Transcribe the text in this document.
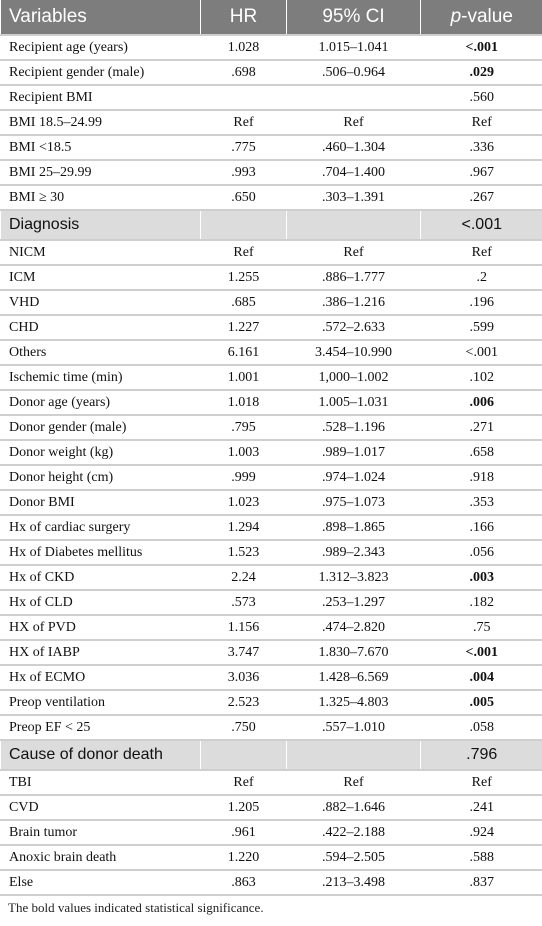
Variables	HR	95% CI	p-value
Recipient age (years)	1.028	1.015–1.041	<.001
Recipient gender (male)	.698	.506–0.964	.029
Recipient BMI			.560
BMI 18.5–24.99	Ref	Ref	Ref
BMI <18.5	.775	.460–1.304	.336
BMI 25–29.99	.993	.704–1.400	.967
BMI ≥ 30	.650	.303–1.391	.267
Diagnosis			<.001
NICM	Ref	Ref	Ref
ICM	1.255	.886–1.777	.2
VHD	.685	.386–1.216	.196
CHD	1.227	.572–2.633	.599
Others	6.161	3.454–10.990	<.001
Ischemic time (min)	1.001	1,000–1.002	.102
Donor age (years)	1.018	1.005–1.031	.006
Donor gender (male)	.795	.528–1.196	.271
Donor weight (kg)	1.003	.989–1.017	.658
Donor height (cm)	.999	.974–1.024	.918
Donor BMI	1.023	.975–1.073	.353
Hx of cardiac surgery	1.294	.898–1.865	.166
Hx of Diabetes mellitus	1.523	.989–2.343	.056
Hx of CKD	2.24	1.312–3.823	.003
Hx of CLD	.573	.253–1.297	.182
HX of PVD	1.156	.474–2.820	.75
HX of IABP	3.747	1.830–7.670	<.001
Hx of ECMO	3.036	1.428–6.569	.004
Preop ventilation	2.523	1.325–4.803	.005
Preop EF < 25	.750	.557–1.010	.058
Cause of donor death			.796
TBI	Ref	Ref	Ref
CVD	1.205	.882–1.646	.241
Brain tumor	.961	.422–2.188	.924
Anoxic brain death	1.220	.594–2.505	.588
Else	.863	.213–3.498	.837
The bold values indicated statistical significance.
